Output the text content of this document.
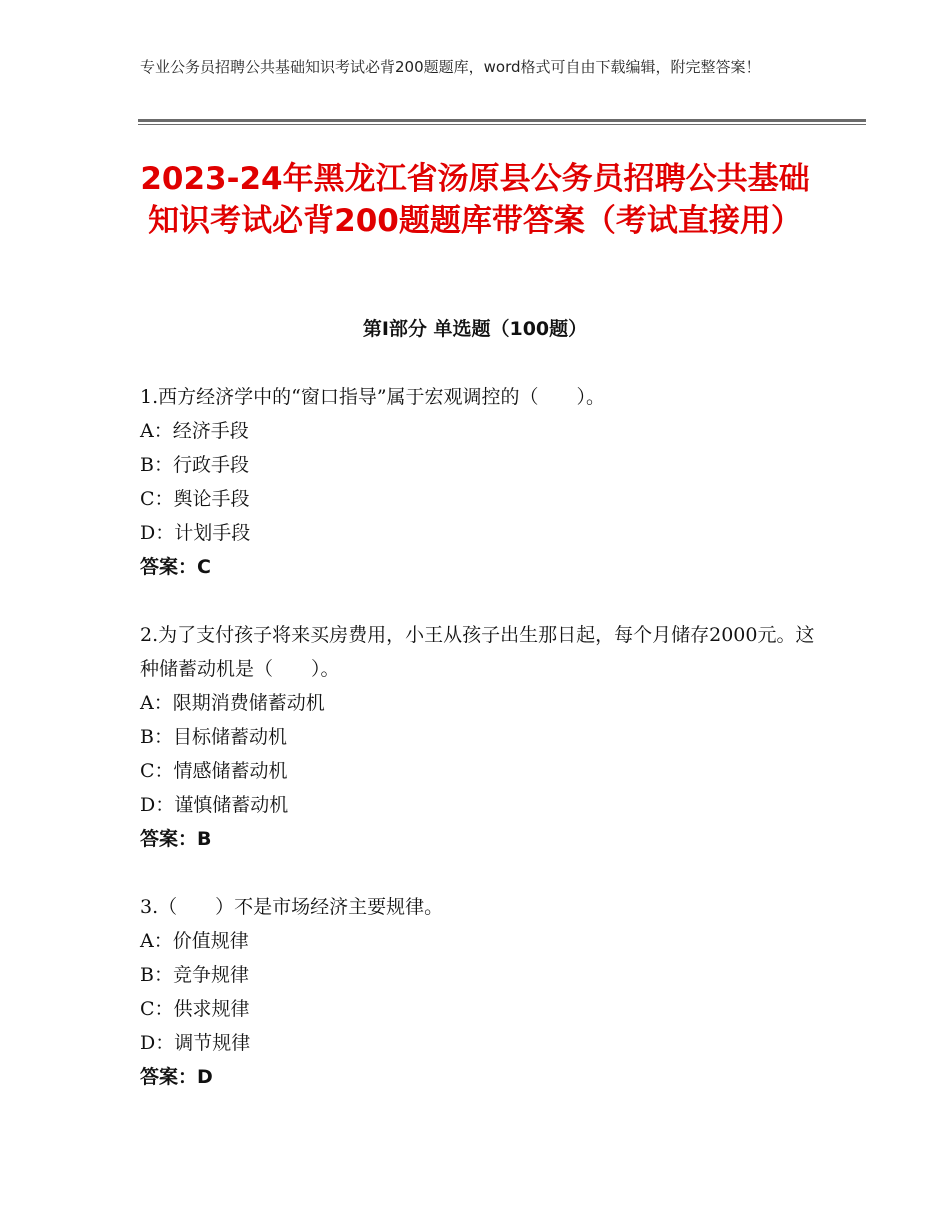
专业公务员招聘公共基础知识考试必背200题题库，word格式可自由下载编辑，附完整答案！
2023-24年黑龙江省汤原县公务员招聘公共基础知识考试必背200题题库带答案（考试直接用）
第Ⅰ部分 单选题（100题）
1.西方经济学中的“窗口指导”属于宏观调控的（　　）。
A：经济手段
B：行政手段
C：舆论手段
D：计划手段
答案：C
2.为了支付孩子将来买房费用，小王从孩子出生那日起，每个月储存2000元。这种储蓄动机是（　　）。
A：限期消费储蓄动机
B：目标储蓄动机
C：情感储蓄动机
D：谨慎储蓄动机
答案：B
3.（　　）不是市场经济主要规律。
A：价值规律
B：竞争规律
C：供求规律
D：调节规律
答案：D
